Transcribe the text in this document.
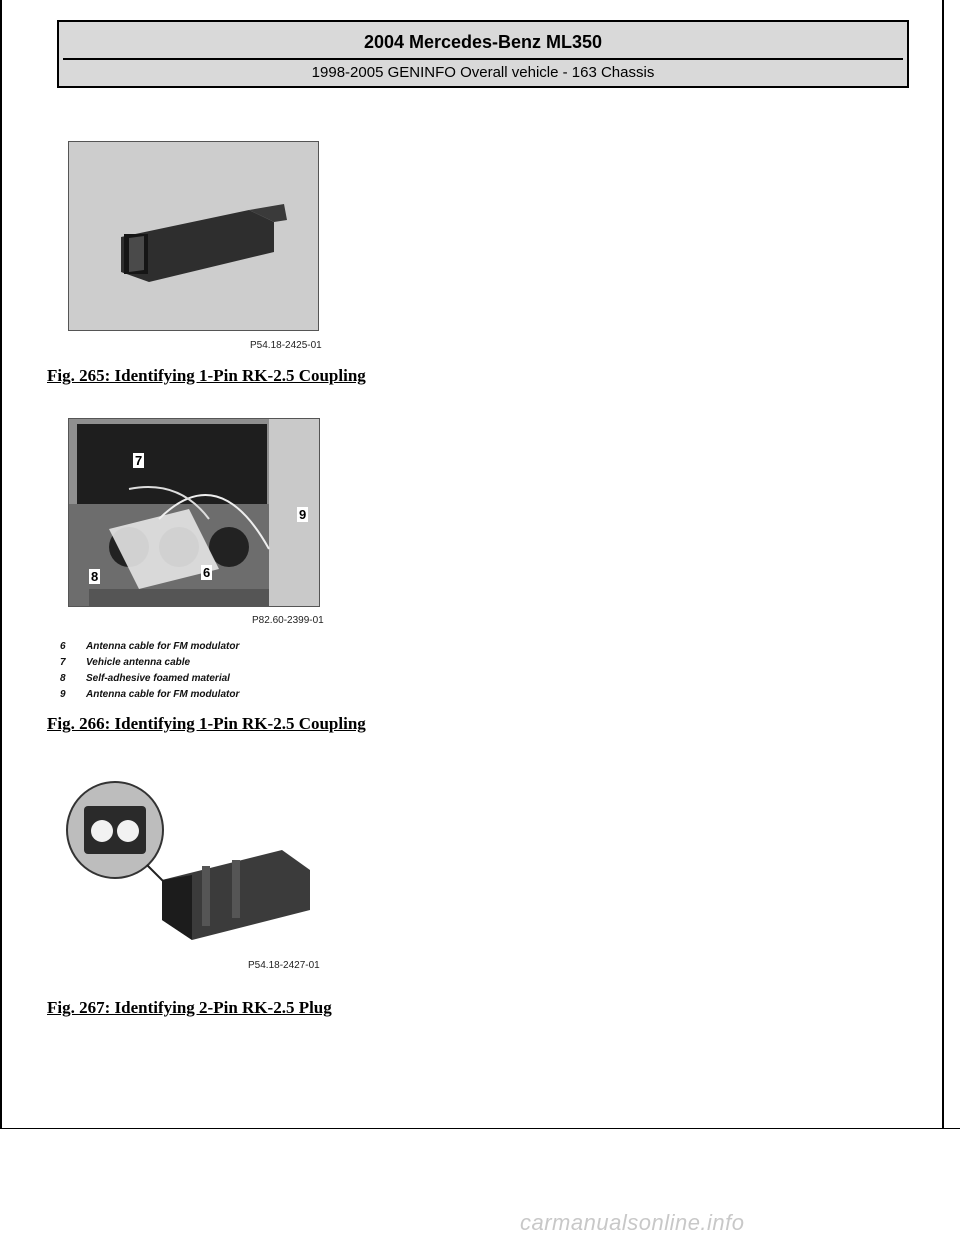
2004 Mercedes-Benz ML350
1998-2005 GENINFO Overall vehicle - 163 Chassis
P54.18-2425-01
Fig. 265: Identifying 1-Pin RK-2.5 Coupling
7
9
8	6
P82.60-2399-01
6	Antenna cable for FM modulator
7	Vehicle antenna cable
8	Self-adhesive foamed material
9	Antenna cable for FM modulator
Fig. 266: Identifying 1-Pin RK-2.5 Coupling
P54.18-2427-01
Fig. 267: Identifying 2-Pin RK-2.5 Plug
carmanualsonline.info
